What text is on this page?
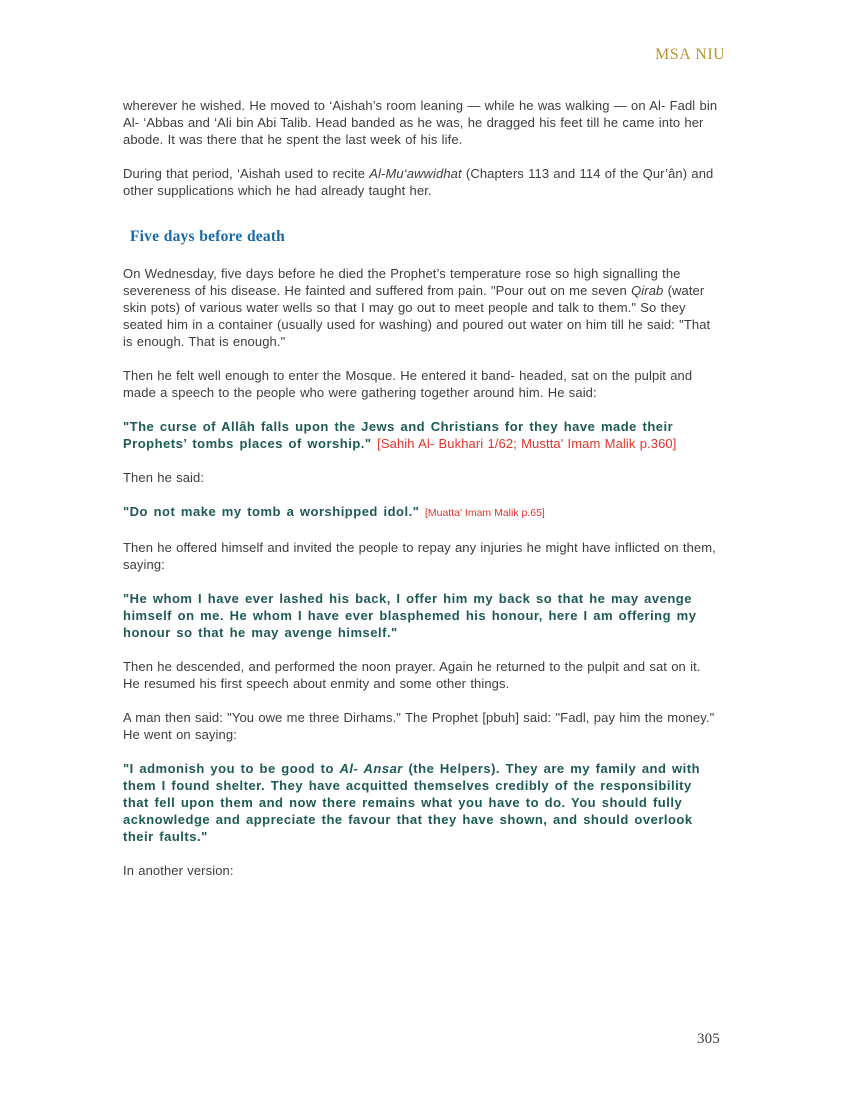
MSA NIU

wherever he wished. He moved to ‘Aishah’s room leaning — while he was walking — on Al- Fadl bin Al- ‘Abbas and ‘Ali bin Abi Talib. Head banded as he was, he dragged his feet till he came into her abode. It was there that he spent the last week of his life.

During that period, ‘Aishah used to recite Al-Mu‘awwidhat (Chapters 113 and 114 of the Qur’ân) and other supplications which he had already taught her.

Five days before death

On Wednesday, five days before he died the Prophet’s temperature rose so high signalling the severeness of his disease. He fainted and suffered from pain. "Pour out on me seven Qirab (water skin pots) of various water wells so that I may go out to meet people and talk to them." So they seated him in a container (usually used for washing) and poured out water on him till he said: "That is enough. That is enough."

Then he felt well enough to enter the Mosque. He entered it band- headed, sat on the pulpit and made a speech to the people who were gathering together around him. He said:

"The curse of Allâh falls upon the Jews and Christians for they have made their Prophets’ tombs places of worship." [Sahih Al- Bukhari 1/62; Mustta' Imam Malik p.360]

Then he said:

"Do not make my tomb a worshipped idol." [Muatta' Imam Malik p.65]

Then he offered himself and invited the people to repay any injuries he might have inflicted on them, saying:

"He whom I have ever lashed his back, I offer him my back so that he may avenge himself on me. He whom I have ever blasphemed his honour, here I am offering my honour so that he may avenge himself."

Then he descended, and performed the noon prayer. Again he returned to the pulpit and sat on it. He resumed his first speech about enmity and some other things.

A man then said: "You owe me three Dirhams." The Prophet [pbuh] said: "Fadl, pay him the money." He went on saying:

"I admonish you to be good to Al- Ansar (the Helpers). They are my family and with them I found shelter. They have acquitted themselves credibly of the responsibility that fell upon them and now there remains what you have to do. You should fully acknowledge and appreciate the favour that they have shown, and should overlook their faults."

In another version:

305
